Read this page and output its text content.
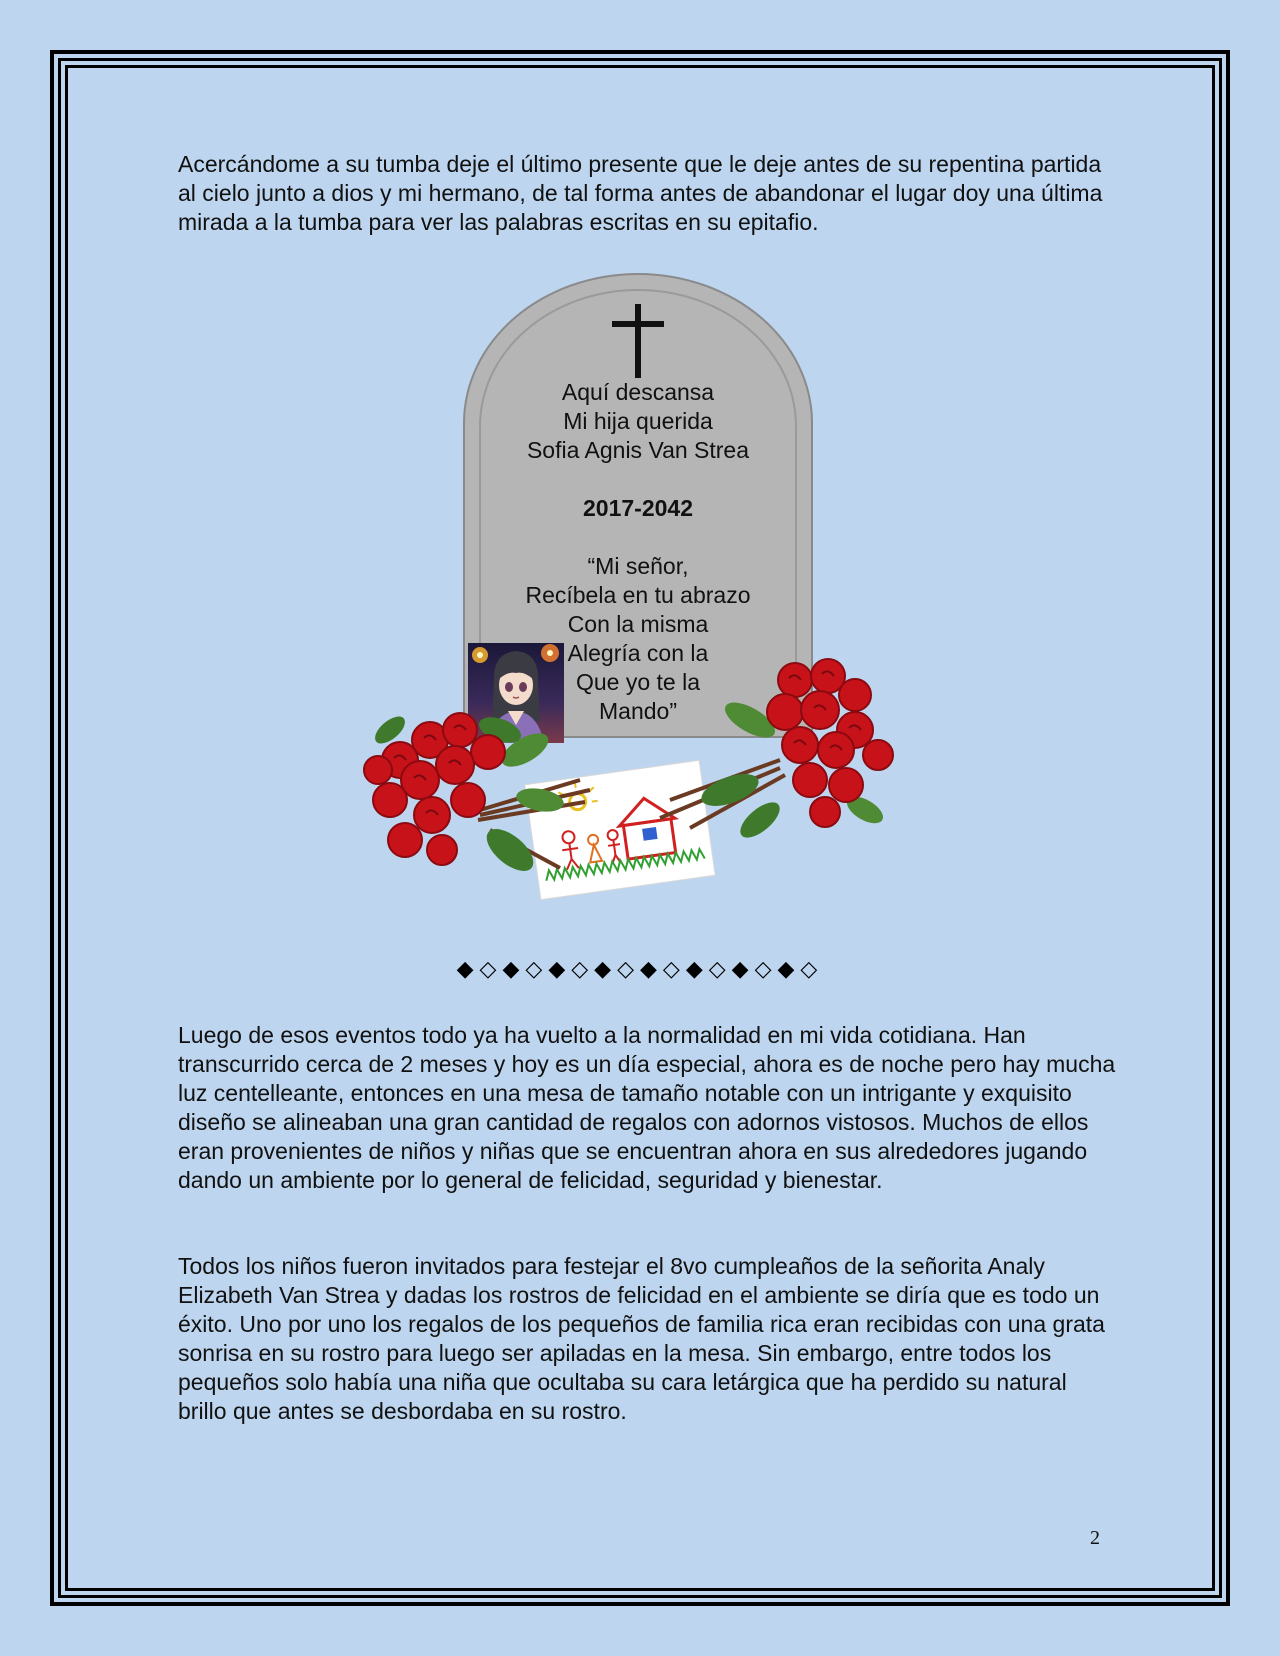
Acercándome a su tumba deje el último presente que le deje antes de su repentina partida al cielo junto a dios y mi hermano, de tal forma antes de abandonar el lugar doy una última mirada a la tumba para ver las palabras escritas en su epitafio.

Aquí descansa
Mi hija querida
Sofia Agnis Van Strea
2017-2042
“Mi señor,
Recíbela en tu abrazo
Con la misma
Alegría con la
Que yo te la
Mando”
◆◇◆◇◆◇◆◇◆◇◆◇◆◇◆◇

Luego de esos eventos todo ya ha vuelto a la normalidad en mi vida cotidiana. Han transcurrido cerca de 2 meses y hoy es un día especial, ahora es de noche pero hay mucha luz centelleante, entonces en una mesa de tamaño notable con un intrigante y exquisito diseño se alineaban una gran cantidad de regalos con adornos vistosos. Muchos de ellos eran provenientes de niños y niñas que se encuentran ahora en sus alrededores jugando dando un ambiente por lo general de felicidad, seguridad y bienestar.

Todos los niños fueron invitados para festejar el 8vo cumpleaños de la señorita Analy Elizabeth Van Strea y dadas los rostros de felicidad en el ambiente se diría que es todo un éxito. Uno por uno los regalos de los pequeños de familia rica eran recibidas con una grata sonrisa en su rostro para luego ser apiladas en la mesa. Sin embargo, entre todos los pequeños solo había una niña que ocultaba su cara letárgica que ha perdido su natural brillo que antes se desbordaba en su rostro.

2
